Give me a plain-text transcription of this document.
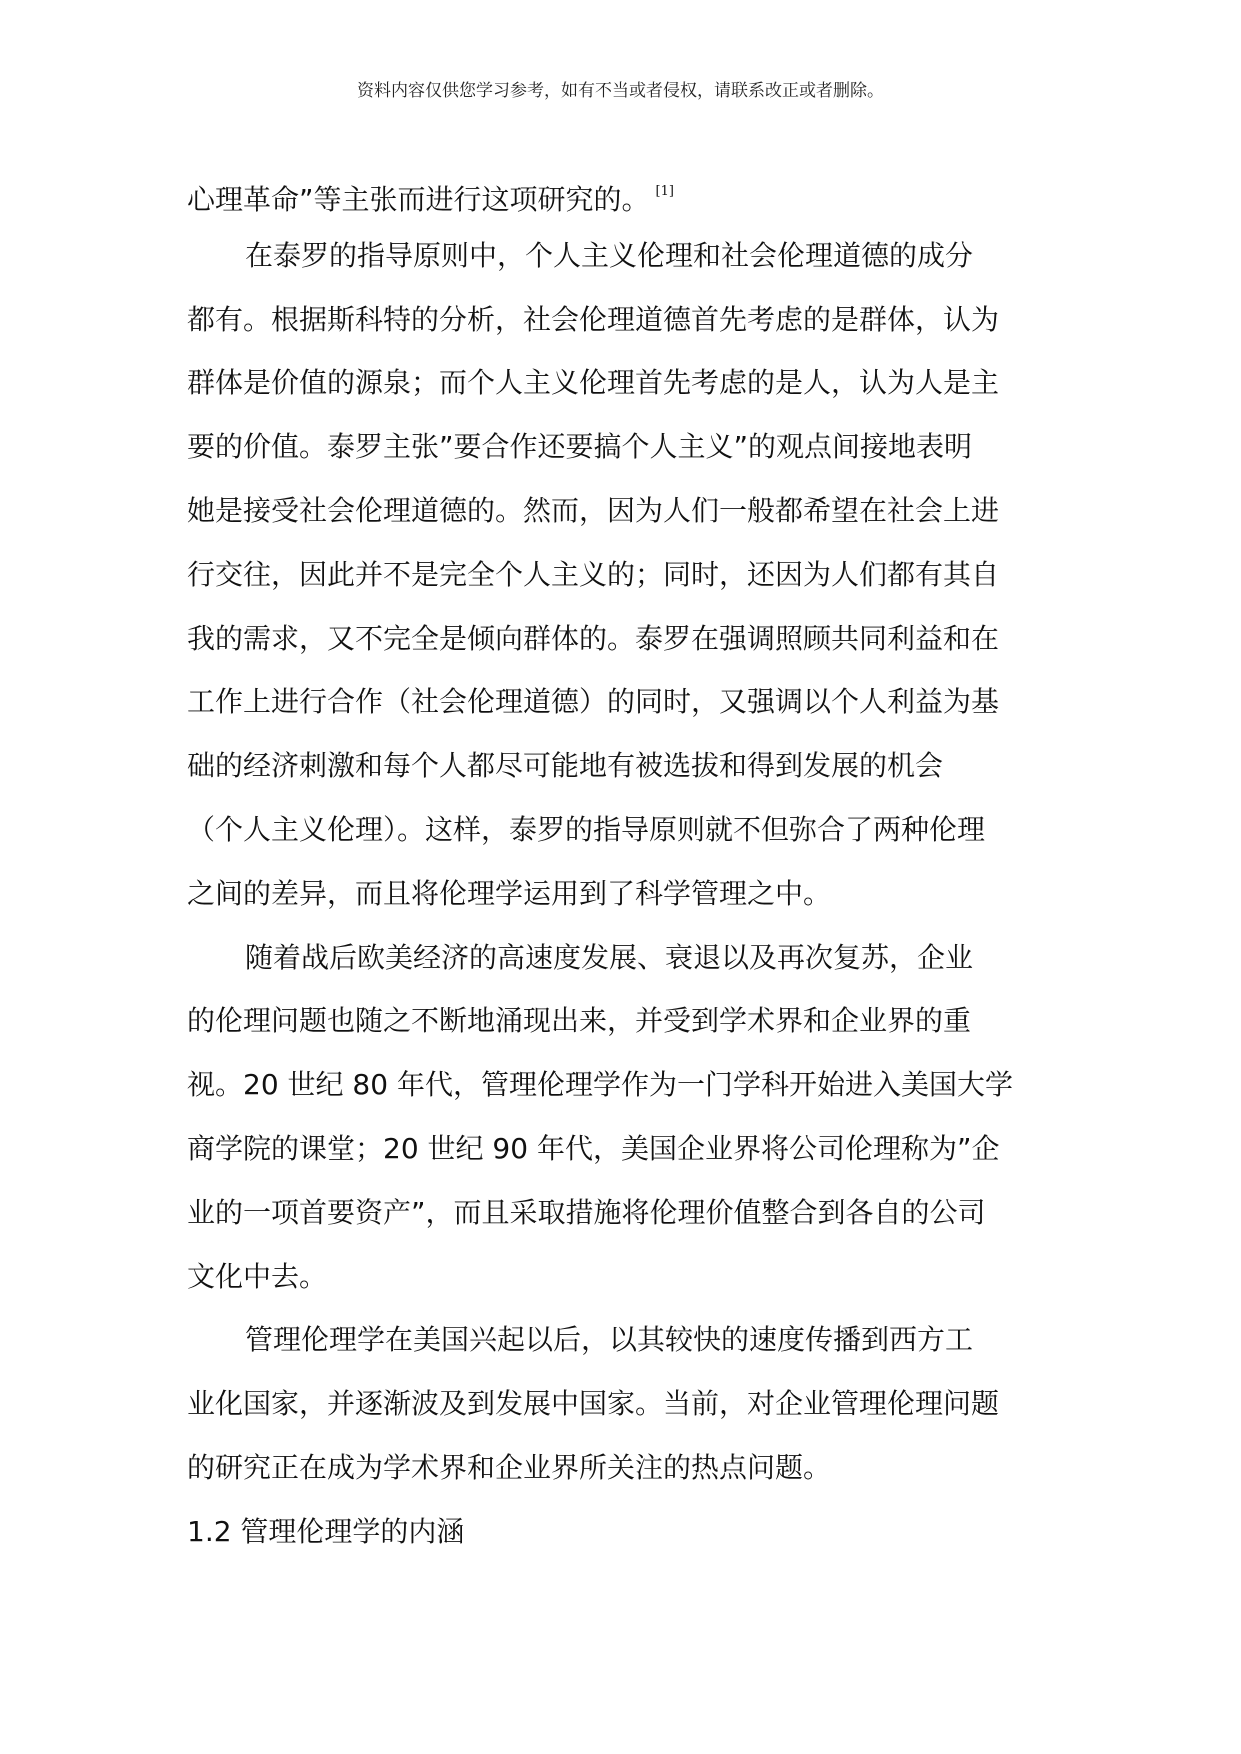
资料内容仅供您学习参考，如有不当或者侵权，请联系改正或者删除。
心理革命”等主张而进行这项研究的。 [1]
在泰罗的指导原则中，个人主义伦理和社会伦理道德的成分
都有。根据斯科特的分析，社会伦理道德首先考虑的是群体，认为
群体是价值的源泉；而个人主义伦理首先考虑的是人，认为人是主
要的价值。泰罗主张”要合作还要搞个人主义”的观点间接地表明
她是接受社会伦理道德的。然而，因为人们一般都希望在社会上进
行交往，因此并不是完全个人主义的；同时，还因为人们都有其自
我的需求，又不完全是倾向群体的。泰罗在强调照顾共同利益和在
工作上进行合作（社会伦理道德）的同时，又强调以个人利益为基
础的经济刺激和每个人都尽可能地有被选拔和得到发展的机会
（个人主义伦理）。这样，泰罗的指导原则就不但弥合了两种伦理
之间的差异，而且将伦理学运用到了科学管理之中。
随着战后欧美经济的高速度发展、衰退以及再次复苏，企业
的伦理问题也随之不断地涌现出来，并受到学术界和企业界的重
视。20 世纪 80 年代，管理伦理学作为一门学科开始进入美国大学
商学院的课堂；20 世纪 90 年代，美国企业界将公司伦理称为”企
业的一项首要资产”，而且采取措施将伦理价值整合到各自的公司
文化中去。
管理伦理学在美国兴起以后，以其较快的速度传播到西方工
业化国家，并逐渐波及到发展中国家。当前，对企业管理伦理问题
的研究正在成为学术界和企业界所关注的热点问题。
1.2 管理伦理学的内涵
